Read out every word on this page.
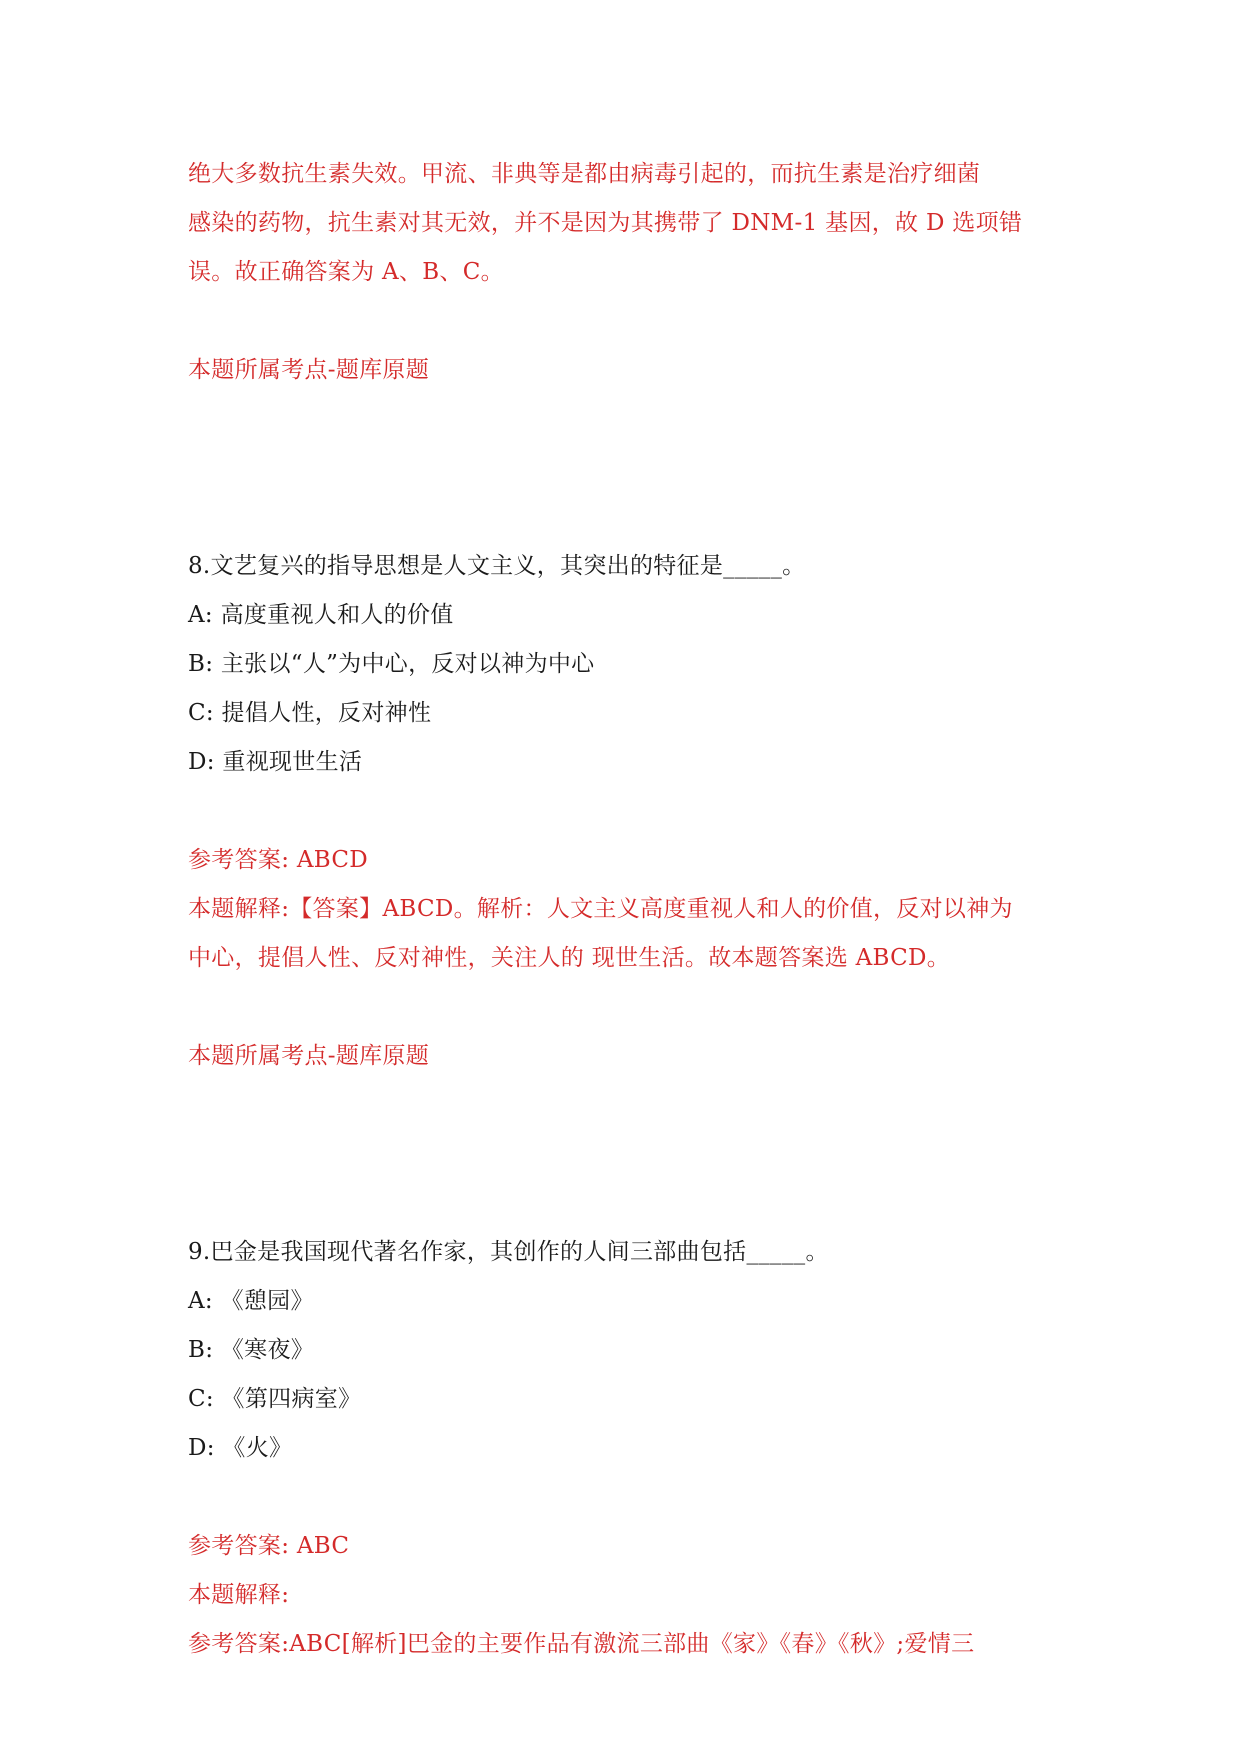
绝大多数抗生素失效。甲流、非典等是都由病毒引起的，而抗生素是治疗细菌
感染的药物，抗生素对其无效，并不是因为其携带了 DNM-1 基因，故 D 选项错
误。故正确答案为 A、B、C。
本题所属考点-题库原题
8.文艺复兴的指导思想是人文主义，其突出的特征是_____。
A: 高度重视人和人的价值
B: 主张以“人”为中心，反对以神为中心
C: 提倡人性，反对神性
D: 重视现世生活
参考答案: ABCD
本题解释:【答案】ABCD。解析：人文主义高度重视人和人的价值，反对以神为
中心，提倡人性、反对神性，关注人的 现世生活。故本题答案选 ABCD。
本题所属考点-题库原题
9.巴金是我国现代著名作家，其创作的人间三部曲包括_____。
A: 《憩园》
B: 《寒夜》
C: 《第四病室》
D: 《火》
参考答案: ABC
本题解释:
参考答案:ABC[解析]巴金的主要作品有激流三部曲《家》《春》《秋》;爱情三
